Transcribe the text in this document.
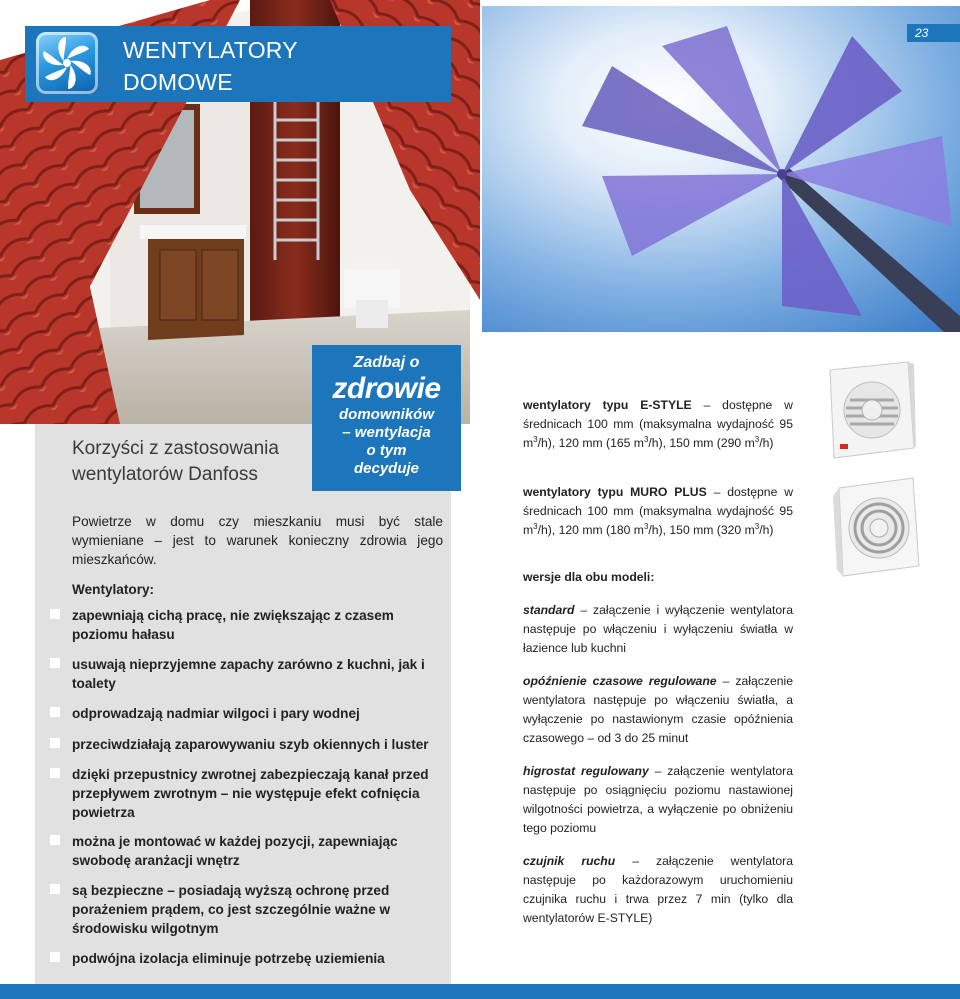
WENTYLATORY
DOMOWE
23
Korzyści z zastosowania
wentylatorów Danfoss
Zadbaj o
zdrowie
domowników
– wentylacja
o tym
decyduje
Powietrze w domu czy mieszkaniu musi być stale wymieniane – jest to warunek konieczny zdrowia jego mieszkańców.
Wentylatory:
zapewniają cichą pracę, nie zwiększając z czasem poziomu hałasu
usuwają nieprzyjemne zapachy zarówno z kuchni, jak i toalety
odprowadzają nadmiar wilgoci i pary wodnej
przeciwdziałają zaparowywaniu szyb okiennych i luster
dzięki przepustnicy zwrotnej zabezpieczają kanał przed przepływem zwrotnym – nie występuje efekt cofnięcia powietrza
można je montować w każdej pozycji, zapewniając swobodę aranżacji wnętrz
są bezpieczne – posiadają wyższą ochronę przed porażeniem prądem, co jest szczególnie ważne w środowisku wilgotnym
podwójna izolacja eliminuje potrzebę uziemienia
wentylatory typu E-STYLE – dostępne w średnicach 100 mm (maksymalna wydajność 95 $m^3/h$), 120 mm (165 $m^3/h$), 150 mm (290 $m^3/h$)
wentylatory typu MURO PLUS – dostępne w średnicach 100 mm (maksymalna wydajność 95 $m^3/h$), 120 mm (180 $m^3/h$), 150 mm (320 $m^3/h$)
wersje dla obu modeli:
standard – załączenie i wyłączenie wentylatora następuje po włączeniu i wyłączeniu światła w łazience lub kuchni
opóźnienie czasowe regulowane – załączenie wentylatora następuje po włączeniu światła, a wyłączenie po nastawionym czasie opóźnienia czasowego – od 3 do 25 minut
higrostat regulowany – załączenie wentylatora następuje po osiągnięciu poziomu nastawionej wilgotności powietrza, a wyłączenie po obniżeniu tego poziomu
czujnik ruchu – załączenie wentylatora następuje po każdorazowym uruchomieniu czujnika ruchu i trwa przez 7 min (tylko dla wentylatorów E-STYLE)
